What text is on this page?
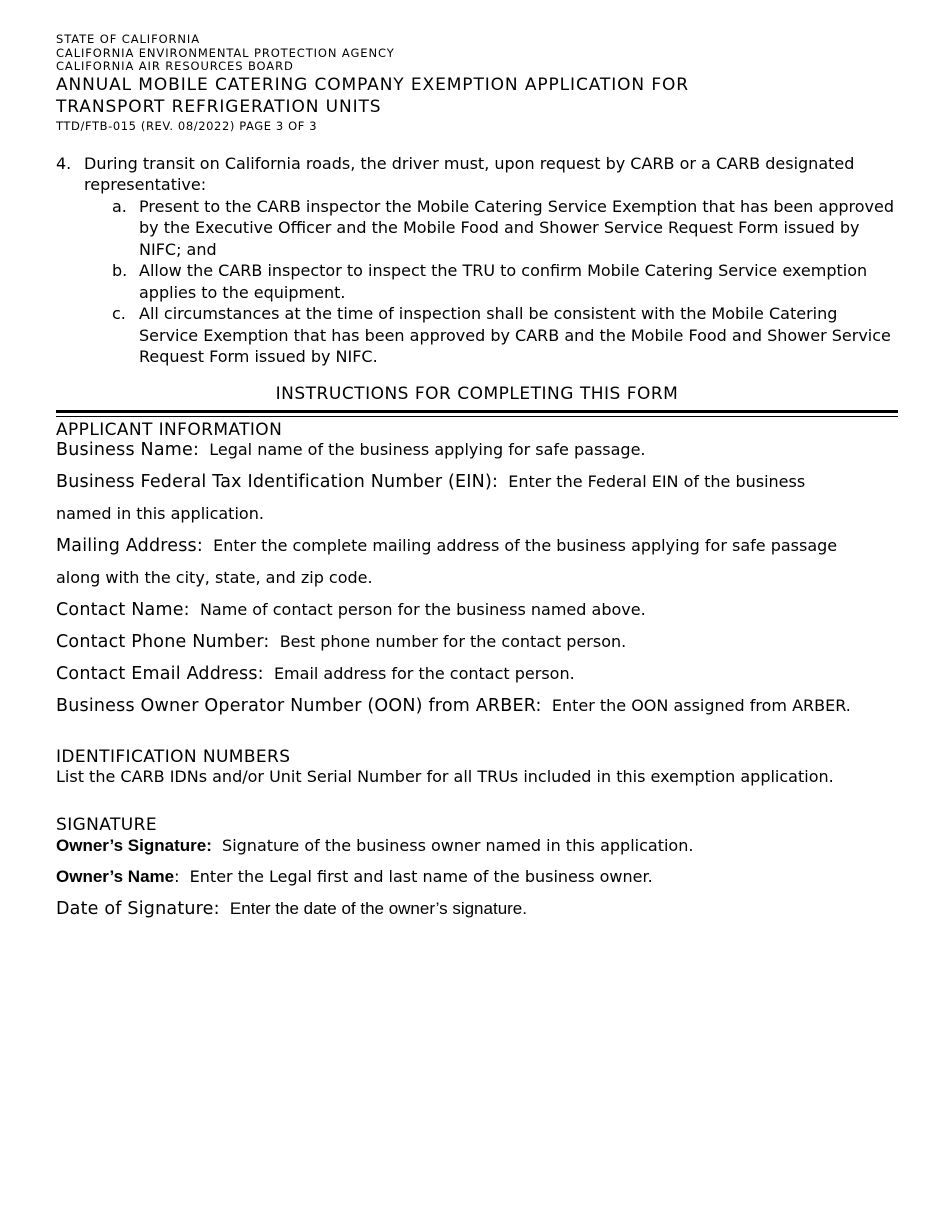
STATE OF CALIFORNIA
CALIFORNIA ENVIRONMENTAL PROTECTION AGENCY
CALIFORNIA AIR RESOURCES BOARD
ANNUAL MOBILE CATERING COMPANY EXEMPTION APPLICATION FOR
TRANSPORT REFRIGERATION UNITS
TTD/FTB-015 (REV. 08/2022) PAGE 3 OF 3
4. During transit on California roads, the driver must, upon request by CARB or a CARB designated representative:
a. Present to the CARB inspector the Mobile Catering Service Exemption that has been approved by the Executive Officer and the Mobile Food and Shower Service Request Form issued by NIFC; and
b. Allow the CARB inspector to inspect the TRU to confirm Mobile Catering Service exemption applies to the equipment.
c. All circumstances at the time of inspection shall be consistent with the Mobile Catering Service Exemption that has been approved by CARB and the Mobile Food and Shower Service Request Form issued by NIFC.
INSTRUCTIONS FOR COMPLETING THIS FORM
APPLICANT INFORMATION
Business Name: Legal name of the business applying for safe passage.
Business Federal Tax Identification Number (EIN): Enter the Federal EIN of the business
named in this application.
Mailing Address: Enter the complete mailing address of the business applying for safe passage
along with the city, state, and zip code.
Contact Name: Name of contact person for the business named above.
Contact Phone Number: Best phone number for the contact person.
Contact Email Address: Email address for the contact person.
Business Owner Operator Number (OON) from ARBER: Enter the OON assigned from ARBER.
IDENTIFICATION NUMBERS
List the CARB IDNs and/or Unit Serial Number for all TRUs included in this exemption application.
SIGNATURE
Owner’s Signature: Signature of the business owner named in this application.
Owner’s Name:  Enter the Legal first and last name of the business owner.
Date of Signature: Enter the date of the owner’s signature.
